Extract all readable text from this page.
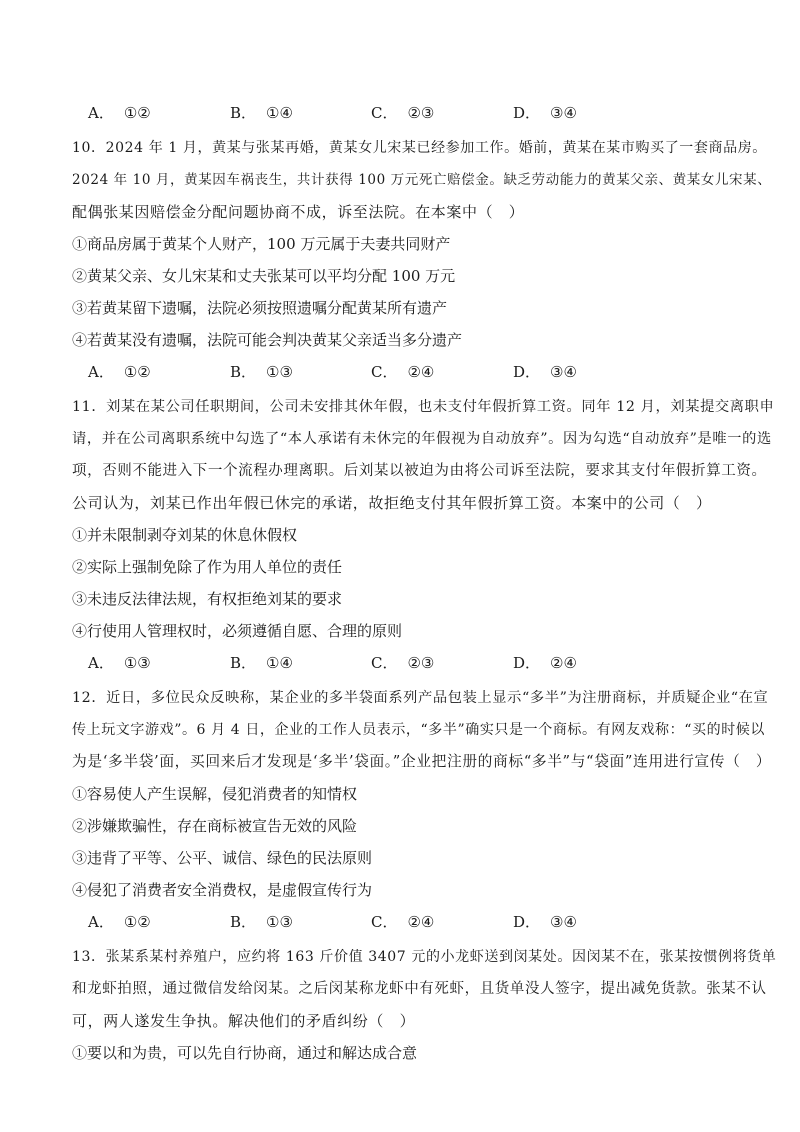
A． ①②	B． ①④	C． ②③	D． ③④
10．2024 年 1 月，黄某与张某再婚，黄某女儿宋某已经参加工作。婚前，黄某在某市购买了一套商品房。
2024 年 10 月，黄某因车祸丧生，共计获得 100 万元死亡赔偿金。缺乏劳动能力的黄某父亲、黄某女儿宋某、
配偶张某因赔偿金分配问题协商不成，诉至法院。在本案中（　）
①商品房属于黄某个人财产，100 万元属于夫妻共同财产
②黄某父亲、女儿宋某和丈夫张某可以平均分配 100 万元
③若黄某留下遗嘱，法院必须按照遗嘱分配黄某所有遗产
④若黄某没有遗嘱，法院可能会判决黄某父亲适当多分遗产
A． ①②	B． ①③	C． ②④	D． ③④
11．刘某在某公司任职期间，公司未安排其休年假，也未支付年假折算工资。同年 12 月，刘某提交离职申
请，并在公司离职系统中勾选了“本人承诺有未休完的年假视为自动放弃”。因为勾选“自动放弃”是唯一的选
项，否则不能进入下一个流程办理离职。后刘某以被迫为由将公司诉至法院，要求其支付年假折算工资。
公司认为，刘某已作出年假已休完的承诺，故拒绝支付其年假折算工资。本案中的公司（　）
①并未限制剥夺刘某的休息休假权
②实际上强制免除了作为用人单位的责任
③未违反法律法规，有权拒绝刘某的要求
④行使用人管理权时，必须遵循自愿、合理的原则
A． ①③	B． ①④	C． ②③	D． ②④
12．近日，多位民众反映称，某企业的多半袋面系列产品包装上显示“多半”为注册商标，并质疑企业“在宣
传上玩文字游戏”。6 月 4 日，企业的工作人员表示，“多半”确实只是一个商标。有网友戏称：“买的时候以
为是‘多半袋’面，买回来后才发现是‘多半’袋面。”企业把注册的商标“多半”与“袋面”连用进行宣传（　）
①容易使人产生误解，侵犯消费者的知情权
②涉嫌欺骗性，存在商标被宣告无效的风险
③违背了平等、公平、诚信、绿色的民法原则
④侵犯了消费者安全消费权，是虚假宣传行为
A． ①②	B． ①③	C． ②④	D． ③④
13．张某系某村养殖户，应约将 163 斤价值 3407 元的小龙虾送到闵某处。因闵某不在，张某按惯例将货单
和龙虾拍照，通过微信发给闵某。之后闵某称龙虾中有死虾，且货单没人签字，提出减免货款。张某不认
可，两人遂发生争执。解决他们的矛盾纠纷（　）
①要以和为贵，可以先自行协商，通过和解达成合意
